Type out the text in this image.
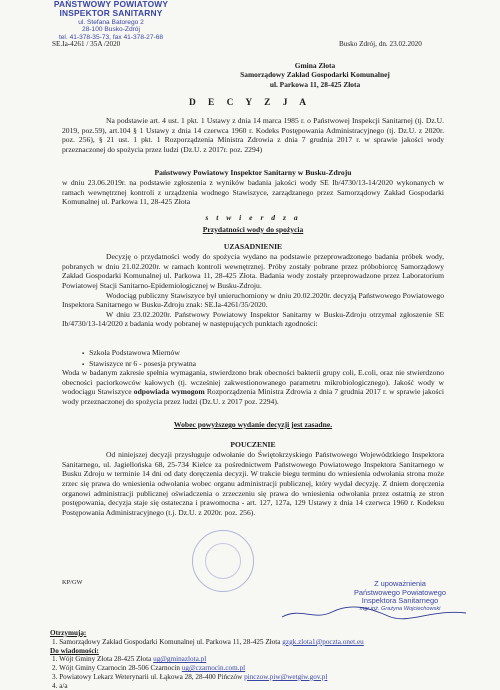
PAŃSTWOWY POWIATOWY
INSPEKTOR SANITARNY
ul. Stefana Batorego 2
28-100 Busko-Zdrój
tel. 41-378-35-73, fax 41-378-27-68
SE.Ia-4261 / 35A /2020	Busko Zdrój, dn. 23.02.2020
Gmina Złota
Samorządowy Zakład Gospodarki Komunalnej
ul. Parkowa 11, 28-425 Złota
D E C Y Z J A

Na podstawie art. 4 ust. 1 pkt. 1 Ustawy z dnia 14 marca 1985 r. o Państwowej Inspekcji Sanitarnej (tj. Dz.U. 2019, poz.59), art.104 § 1 Ustawy z dnia 14 czerwca 1960 r. Kodeks Postępowania Administracyjnego (tj. Dz.U. z 2020r. poz. 256), § 21 ust. 1 pkt. 1 Rozporządzenia Ministra Zdrowia z dnia 7 grudnia 2017 r. w sprawie jakości wody przeznaczonej do spożycia przez ludzi (Dz.U. z 2017r. poz. 2294)

Państwowy Powiatowy Inspektor Sanitarny w Busku-Zdroju
w dniu 23.06.2019r. na podstawie zgłoszenia z wyników badania jakości wody SE Ib/4730/13-14/2020 wykonanych w ramach wewnętrznej kontroli z urządzenia wodnego Stawiszyce, zarządzanego przez Samorządowy Zakład Gospodarki Komunalnej ul. Parkowa 11, 28-425 Złota
s t w i e r d z a
Przydatności wody do spożycia
UZASADNIENIE

Decyzję o przydatności wody do spożycia wydano na podstawie przeprowadzonego badania próbek wody, pobranych w dniu 21.02.2020r. w ramach kontroli wewnętrznej. Próby zostały pobrane przez próbobiorcę Samorządowy Zakład Gospodarki Komunalnej ul. Parkowa 11, 28-425 Złota. Badania wody zostały przeprowadzone przez Laboratorium Powiatowej Stacji Sanitarno-Epidemiologicznej w Busku-Zdroju.

Wodociąg publiczny Stawiszyce był unieruchomiony w dniu 20.02.2020r. decyzją Państwowego Powiatowego Inspektora Sanitarnego w Busku-Zdroju znak: SE.Ia-4261/35/2020.

W dniu 23.02.2020r. Państwowy Powiatowy Inspektor Sanitarny w Busku-Zdroju otrzymał zgłoszenie SE Ib/4730/13-14/2020 z badania wody pobranej w następujących punktach zgodności:

▪ Szkoła Podstawowa Miernów
▪ Stawiszyce nr 6 - posesja prywatna
Woda w badanym zakresie spełnia wymagania, stwierdzono brak obecności bakterii grupy coli, E.coli, oraz nie stwierdzono obecności paciorkowców kałowych (tj. wcześniej zakwestionowanego parametru mikrobiologicznego). Jakość wody w wodociągu Stawiszyce odpowiada wymogom Rozporządzenia Ministra Zdrowia z dnia 7 grudnia 2017 r. w sprawie jakości wody przeznaczonej do spożycia przez ludzi (Dz.U. z 2017 poz. 2294).
Wobec powyższego wydanie decyzji jest zasadne.
POUCZENIE

Od niniejszej decyzji przysługuje odwołanie do Świętokrzyskiego Państwowego Wojewódzkiego Inspektora Sanitarnego, ul. Jagiellońska 68, 25-734 Kielce za pośrednictwem Państwowego Powiatowego Inspektora Sanitarnego w Busku Zdroju w terminie 14 dni od daty doręczenia decyzji. W trakcie biegu terminu do wniesienia odwołania strona może zrzec się prawa do wniesienia odwołania wobec organu administracji publicznej, który wydał decyzję. Z dniem doręczenia organowi administracji publicznej oświadczenia o zrzeczeniu się prawa do wniesienia odwołania przez ostatnią ze stron postępowania, decyzja staje się ostateczna i prawomocna - art. 127, 127a, 129 Ustawy z dnia 14 czerwca 1960 r. Kodeksu Postępowania Administracyjnego (t.j. Dz.U. z 2020r. poz. 256).

KP/GW	Z upoważnienia
Państwowego Powiatowego
Inspektora Sanitarnego
mgr inż. Grażyna Wojciechowski
Otrzymują:
1. Samorządowy Zakład Gospodarki Komunalnej ul. Parkowa 11, 28-425 Złota gzgk.zlota1@poczta.onet.eu
Do wiadomości:
1. Wójt Gminy Złota 28-425 Złota ug@gminazlota.pl
2. Wójt Gminy Czarnocin 28-506 Czarnocin ug@czarnocin.com.pl
3. Powiatowy Lekarz Weterynarii ul. Łąkowa 28, 28-400 Pińczów pinczow.piw@wetgiw.gov.pl
4. a/a
